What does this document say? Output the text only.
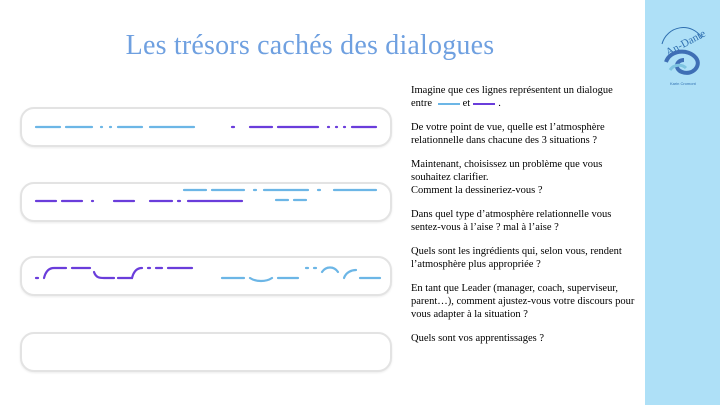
An-Dante
Karin Cromont
Les trésors cachés des dialogues

Imagine que ces lignes représentent un dialogue entre	et	.

De votre point de vue, quelle est l’atmosphère relationnelle dans chacune des 3 situations ?

Maintenant, choisissez un problème que vous souhaitez clarifier.
Comment la dessineriez-vous ?

Dans quel type d’atmosphère relationnelle vous sentez-vous à l’aise ? mal à l’aise ?

Quels sont les ingrédients qui, selon vous, rendent l’atmosphère plus appropriée ?

En tant que Leader (manager, coach, superviseur, parent…), comment ajustez-vous votre discours pour vous adapter à la situation ?

Quels sont vos apprentissages ?
